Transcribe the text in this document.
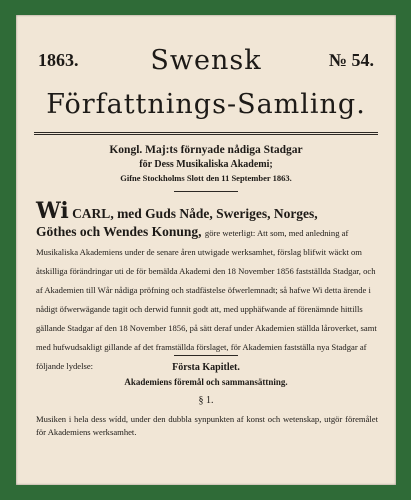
1863.	Swensk	№ 54.
Författnings-Samling.
Kongl. Maj:ts förnyade nådiga Stadgar
för Dess Musikaliska Akademi;
Gifne Stockholms Slott den 11 September 1863.
Wi CARL, med Guds Nåde, Sweriges, Norges,
Göthes och Wendes Konung, göre weterligt: Att som, med anledning af Musikaliska Akademiens under de senare åren utwigade werksamhet, förslag blifwit wäckt om åtskilliga förändringar uti de för bemälda Akademi den 18 November 1856 fastställda Stadgar, och af Akademien till Wår nådiga pröfning och stadfästelse öfwerlemnadt; så hafwe Wi detta ärende i nådigt öfwerwägande tagit och derwid funnit godt att, med upphäfwande af förenämnde hittills gällande Stadgar af den 18 November 1856, på sätt deraf under Akademien ställda låroverket, samt med hufwudsakligt gillande af det framställda förslaget, för Akademien fastställa nya Stadgar af följande lydelse:	Första Kapitlet.
Akademiens föremål och sammansättning.
§ 1.
Musiken i hela dess wídd, under den dubbla synpunkten af konst och wetenskap, utgör föremålet för Akademiens werksamhet.
